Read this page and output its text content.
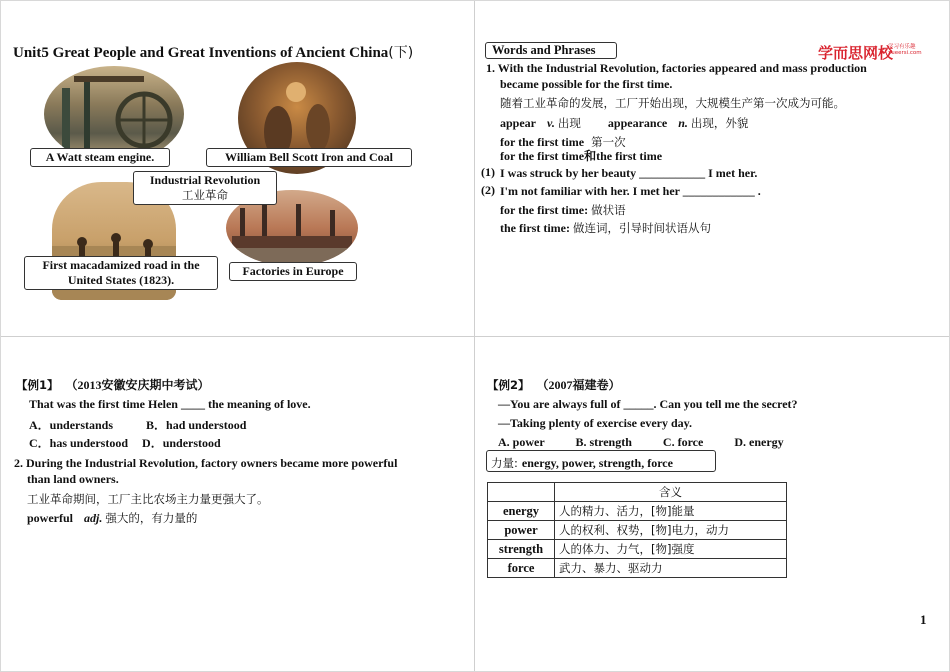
Unit5 Great People and Great Inventions of Ancient China(下)
A Watt steam engine.	William Bell Scott Iron and Coal
Industrial Revolution
工业革命
First macadamized road in the United States (1823).
Factories in Europe
Words and Phrases	学而思网校
学习有乐趣
xueersi.com
1. With the Industrial Revolution, factories appeared and mass production
became possible for the first time.
随着工业革命的发展，工厂开始出现，大规模生产第一次成为可能。
appear v. 出现 appearance n. 出现，外貌
for the first time 第一次
for the first time和the first time
(1) I was struck by her beauty ___________ I met her.
(2) I'm not familiar with her. I met her ____________ .
for the first time: 做状语
the first time: 做连词，引导时间状语从句
【例1】 （2013安徽安庆期中考试）
That was the first time Helen ____ the meaning of love.
A．understands	B．had understood
C．has understood D．understood
2. During the Industrial Revolution, factory owners became more powerful
than land owners.
工业革命期间，工厂主比农场主力量更强大了。
powerful adj. 强大的，有力量的
【例2】 （2007福建卷）
—You are always full of _____. Can you tell me the secret?
—Taking plenty of exercise every day.
A. power	B. strength	C. force	D. energy
力量: energy, power, strength, force
	含义
energy	人的精力、活力，[物]能量
power	人的权利、权势，[物]电力，动力
strength	人的体力、力气，[物]强度
force	武力、暴力、驱动力
1
